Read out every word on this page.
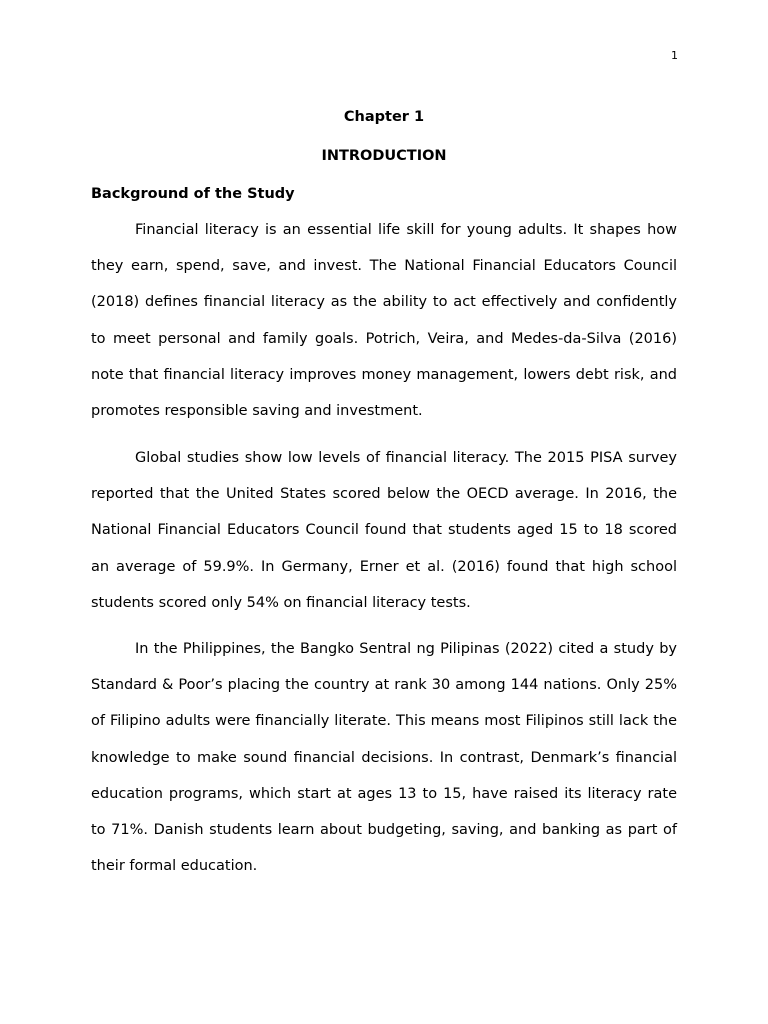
1
Chapter 1
INTRODUCTION
Background of the Study

Financial literacy is an essential life skill for young adults. It shapes how they earn, spend, save, and invest. The National Financial Educators Council (2018) defines financial literacy as the ability to act effectively and confidently to meet personal and family goals. Potrich, Veira, and Medes-da-Silva (2016) note that financial literacy improves money management, lowers debt risk, and promotes responsible saving and investment.

Global studies show low levels of financial literacy. The 2015 PISA survey reported that the United States scored below the OECD average. In 2016, the National Financial Educators Council found that students aged 15 to 18 scored an average of 59.9%. In Germany, Erner et al. (2016) found that high school students scored only 54% on financial literacy tests.

In the Philippines, the Bangko Sentral ng Pilipinas (2022) cited a study by Standard & Poor’s placing the country at rank 30 among 144 nations. Only 25% of Filipino adults were financially literate. This means most Filipinos still lack the knowledge to make sound financial decisions. In contrast, Denmark’s financial education programs, which start at ages 13 to 15, have raised its literacy rate to 71%. Danish students learn about budgeting, saving, and banking as part of their formal education.
